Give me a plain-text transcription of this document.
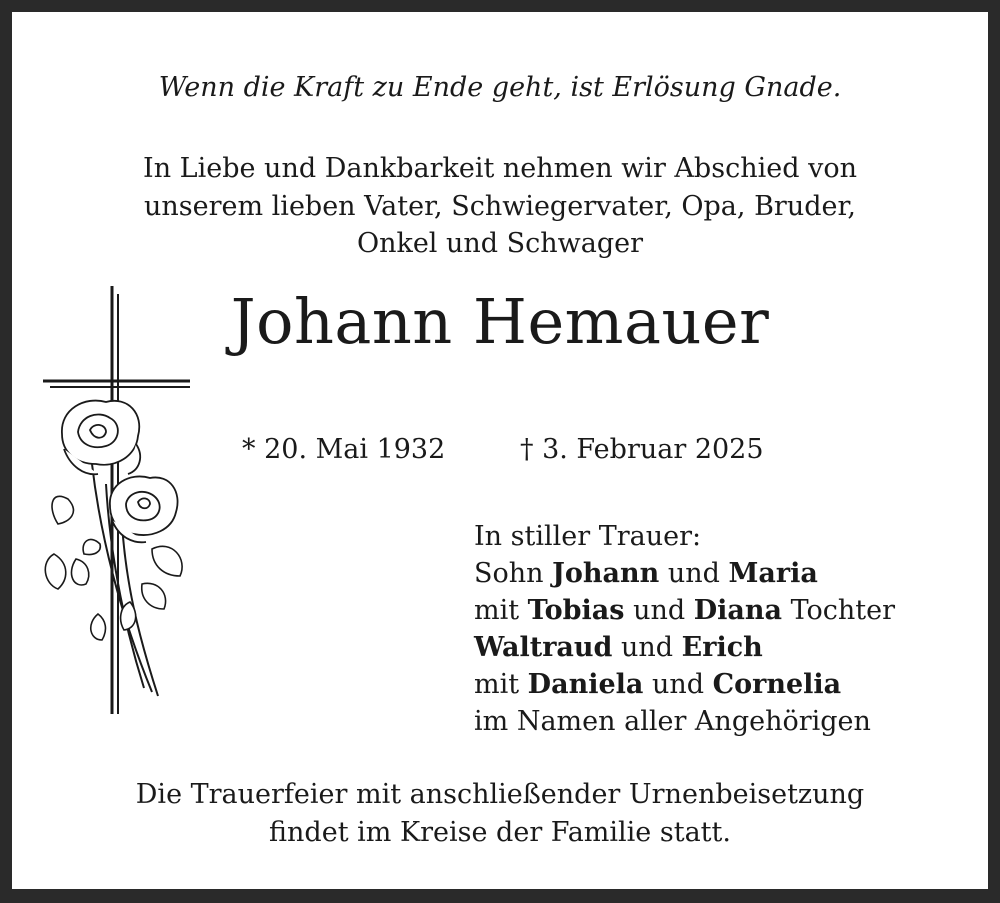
Wenn die Kraft zu Ende geht, ist Erlösung Gnade.
In Liebe und Dankbarkeit nehmen wir Abschied von
unserem lieben Vater, Schwiegervater, Opa, Bruder,
Onkel und Schwager
Johann Hemauer
* 20. Mai 1932	† 3. Februar 2025
In stiller Trauer:
Sohn Johann und Maria
mit Tobias und Diana Tochter
Waltraud und Erich
mit Daniela und Cornelia
im Namen aller Angehörigen
Die Trauerfeier mit anschließender Urnenbeisetzung
findet im Kreise der Familie statt.
